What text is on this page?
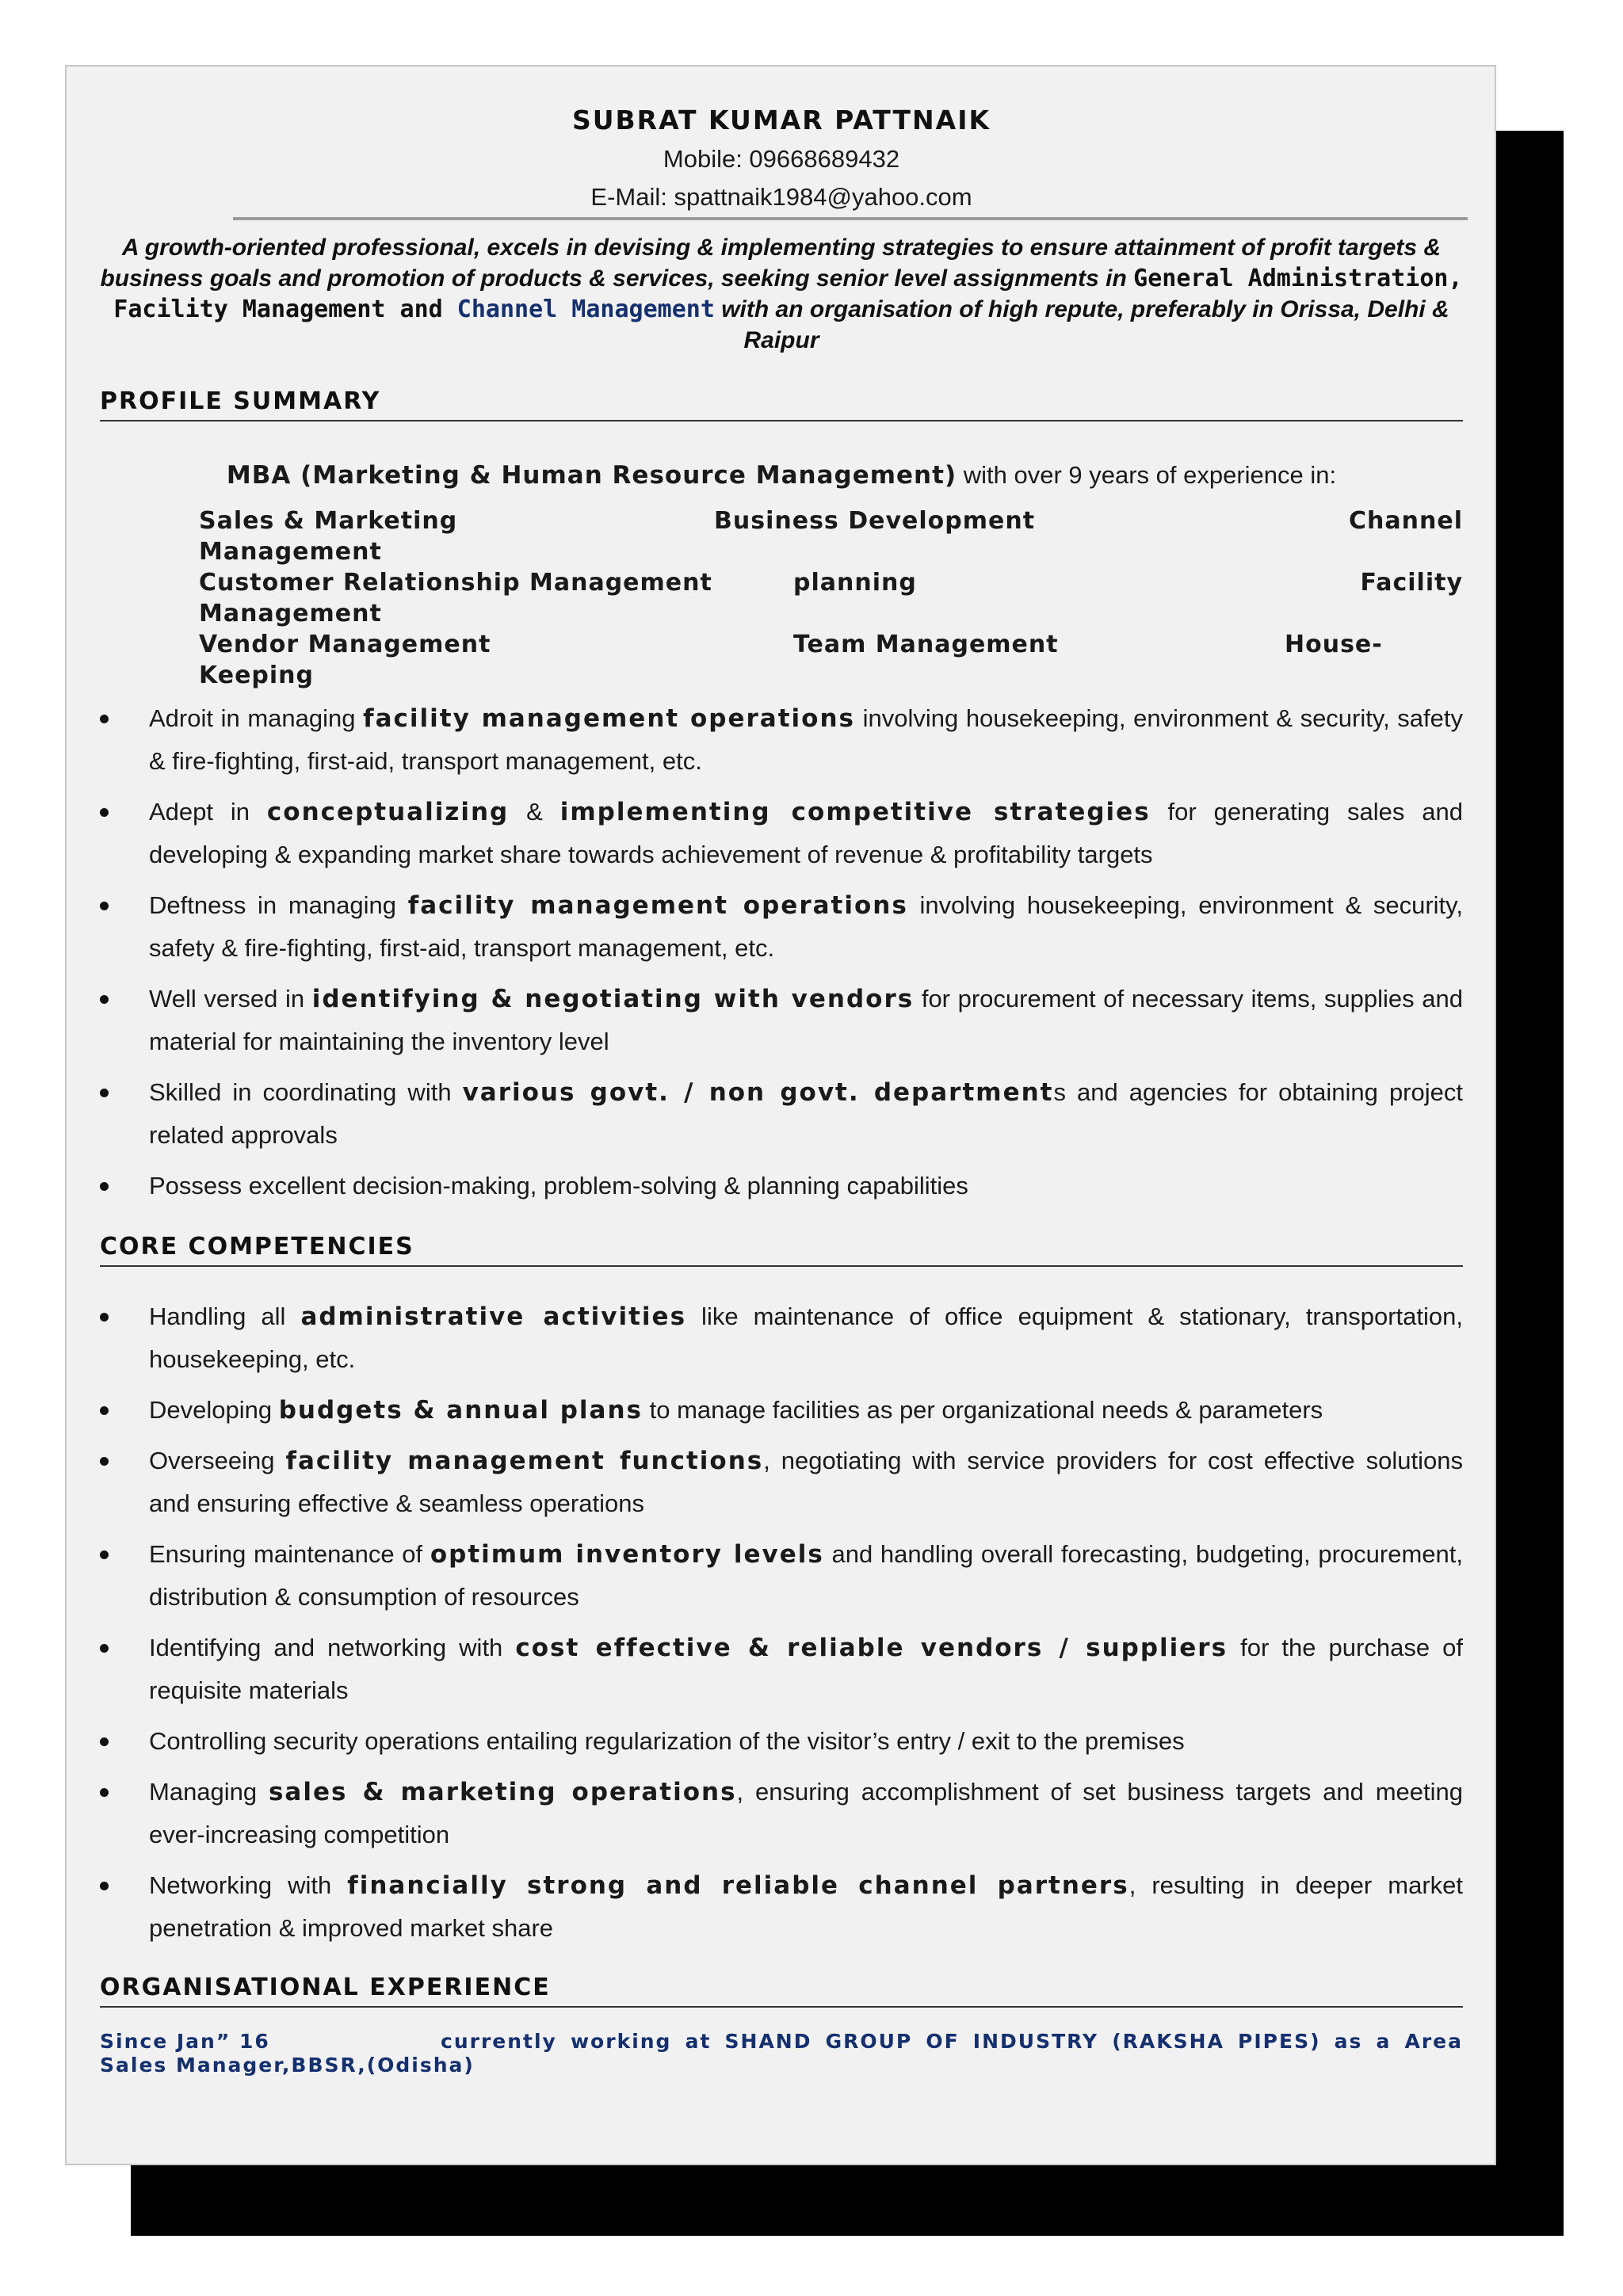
SUBRAT KUMAR PATTNAIK
Mobile: 09668689432
E-Mail: spattnaik1984@yahoo.com
A growth-oriented professional, excels in devising & implementing strategies to ensure attainment of profit targets & business goals and promotion of products & services, seeking senior level assignments in General Administration, Facility Management and Channel Management with an organisation of high repute, preferably in Orissa, Delhi & Raipur
PROFILE SUMMARY
MBA (Marketing & Human Resource Management) with over 9 years of experience in:
Sales & Marketing	Business Development	Channel
Management
Customer Relationship Management	planning	Facility
Management
Vendor Management	Team Management	House-
Keeping
Adroit in managing facility management operations involving housekeeping, environment & security, safety & fire-fighting, first-aid, transport management, etc.
Adept in conceptualizing & implementing competitive strategies for generating sales and developing & expanding market share towards achievement of revenue & profitability targets
Deftness in managing facility management operations involving housekeeping, environment & security, safety & fire-fighting, first-aid, transport management, etc.
Well versed in identifying & negotiating with vendors for procurement of necessary items, supplies and material for maintaining the inventory level
Skilled in coordinating with various govt. / non govt. departments and agencies for obtaining project related approvals
Possess excellent decision-making, problem-solving & planning capabilities
CORE COMPETENCIES
Handling all administrative activities like maintenance of office equipment & stationary, transportation, housekeeping, etc.
Developing budgets & annual plans to manage facilities as per organizational needs & parameters
Overseeing facility management functions, negotiating with service providers for cost effective solutions and ensuring effective & seamless operations
Ensuring maintenance of optimum inventory levels and handling overall forecasting, budgeting, procurement, distribution & consumption of resources
Identifying and networking with cost effective & reliable vendors / suppliers for the purchase of requisite materials
Controlling security operations entailing regularization of the visitor’s entry / exit to the premises
Managing sales & marketing operations, ensuring accomplishment of set business targets and meeting ever-increasing competition
Networking with financially strong and reliable channel partners, resulting in deeper market penetration & improved market share
ORGANISATIONAL EXPERIENCE
Since Jan” 16	currently working at SHAND GROUP OF INDUSTRY (RAKSHA PIPES) as a Area Sales Manager,BBSR,(Odisha)
